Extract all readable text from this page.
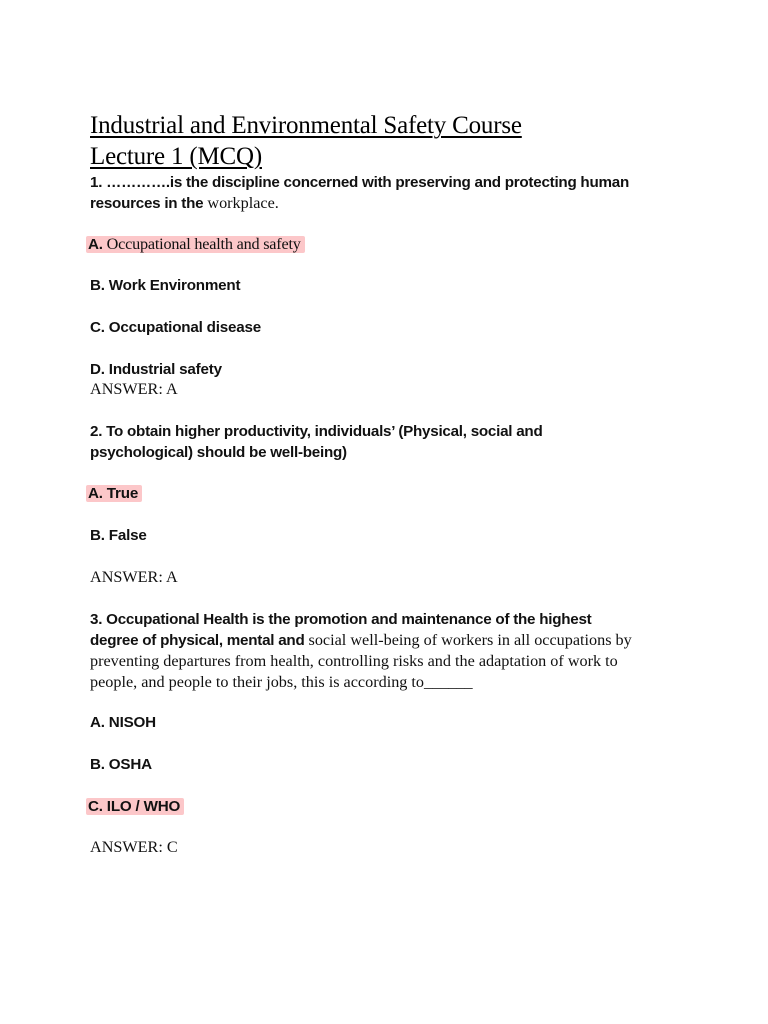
Industrial and Environmental Safety Course
Lecture 1 (MCQ)

1. ………….is the discipline concerned with preserving and protecting human
resources in the workplace.

A. Occupational health and safety

B. Work Environment

C. Occupational disease

D. Industrial safety

ANSWER: A

2. To obtain higher productivity, individuals’ (Physical, social and
psychological) should be well-being)

A. True

B. False

ANSWER: A

3. Occupational Health is the promotion and maintenance of the highest
degree of physical, mental and social well-being of workers in all occupations by
preventing departures from health, controlling risks and the adaptation of work to
people, and people to their jobs, this is according to______

A. NISOH

B. OSHA

C. ILO / WHO

ANSWER: C
